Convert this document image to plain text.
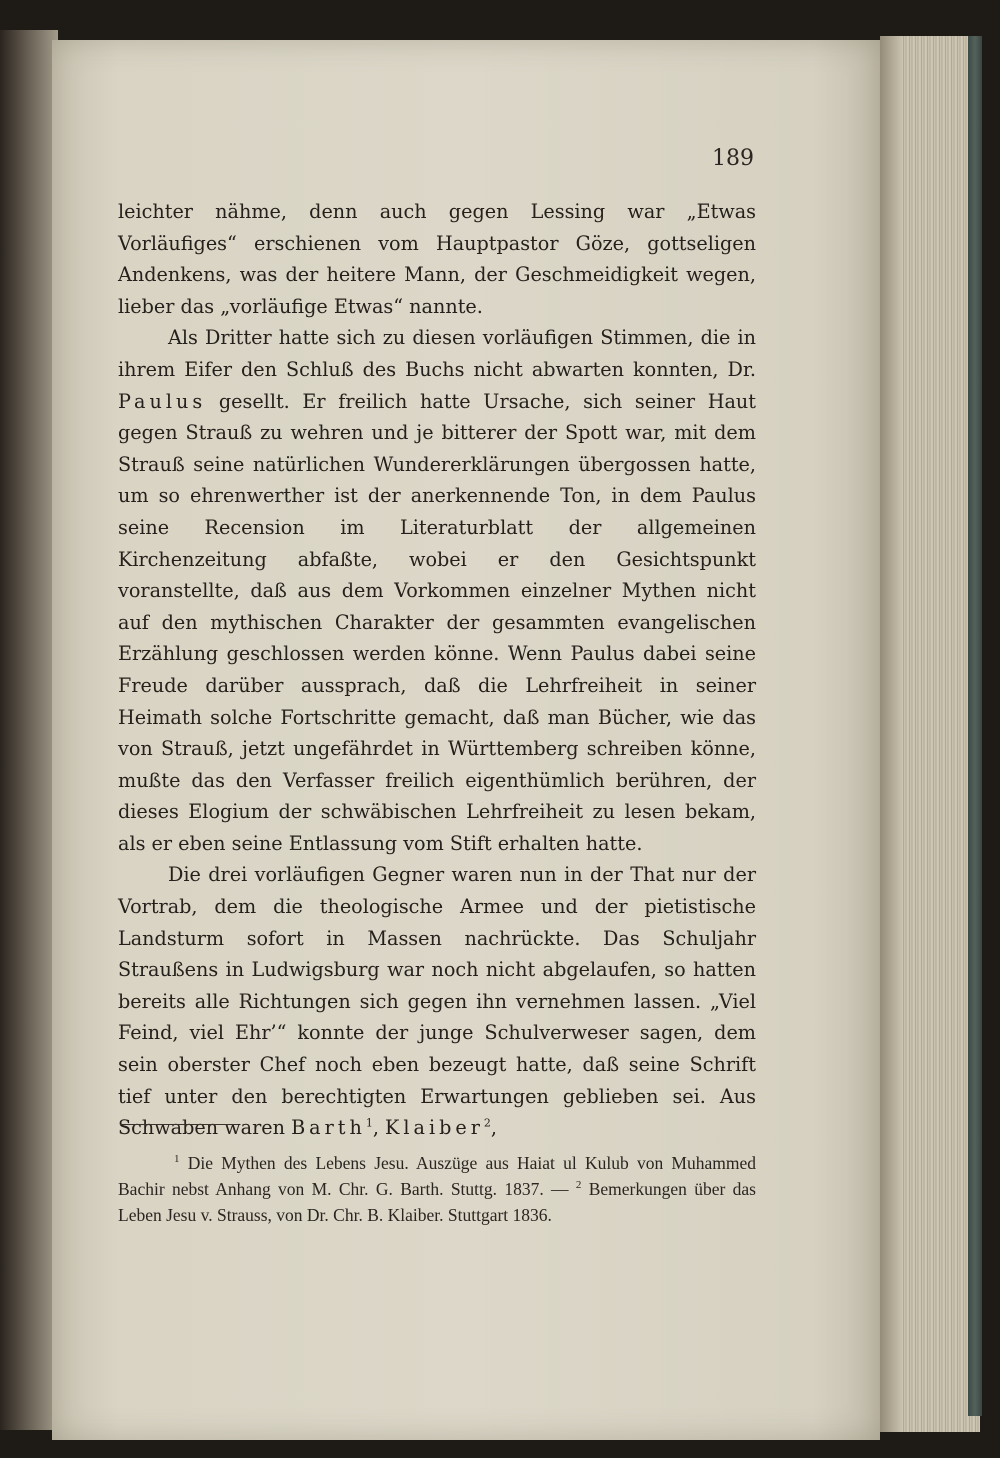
189

leichter nähme, denn auch gegen Lessing war „Etwas Vorläufiges“ erschienen vom Hauptpastor Göze, gottseligen Andenkens, was der heitere Mann, der Geschmeidigkeit wegen, lieber das „vorläufige Etwas“ nannte.

Als Dritter hatte sich zu diesen vorläufigen Stimmen, die in ihrem Eifer den Schluß des Buchs nicht abwarten konnten, Dr. Paulus gesellt. Er freilich hatte Ursache, sich seiner Haut gegen Strauß zu wehren und je bitterer der Spott war, mit dem Strauß seine natürlichen Wundererklärungen übergossen hatte, um so ehrenwerther ist der anerkennende Ton, in dem Paulus seine Recension im Literaturblatt der allgemeinen Kirchenzeitung abfaßte, wobei er den Gesichtspunkt voranstellte, daß aus dem Vorkommen einzelner Mythen nicht auf den mythischen Charakter der gesammten evangelischen Erzählung geschlossen werden könne. Wenn Paulus dabei seine Freude darüber aussprach, daß die Lehrfreiheit in seiner Heimath solche Fortschritte gemacht, daß man Bücher, wie das von Strauß, jetzt ungefährdet in Württemberg schreiben könne, mußte das den Verfasser freilich eigenthümlich berühren, der dieses Elogium der schwäbischen Lehrfreiheit zu lesen bekam, als er eben seine Entlassung vom Stift erhalten hatte.

Die drei vorläufigen Gegner waren nun in der That nur der Vortrab, dem die theologische Armee und der pietistische Landsturm sofort in Massen nachrückte. Das Schuljahr Straußens in Ludwigsburg war noch nicht abgelaufen, so hatten bereits alle Richtungen sich gegen ihn vernehmen lassen. „Viel Feind, viel Ehr’“ konnte der junge Schulverweser sagen, dem sein oberster Chef noch eben bezeugt hatte, daß seine Schrift tief unter den berechtigten Erwartungen geblieben sei. Aus Schwaben waren Barth$^1$, Klaiber$^2$,

$^1$ Die Mythen des Lebens Jesu. Auszüge aus Haiat ul Kulub von Muhammed Bachir nebst Anhang von M. Chr. G. Barth. Stuttg. 1837. — $^2$ Bemerkungen über das Leben Jesu v. Strauss, von Dr. Chr. B. Klaiber. Stuttgart 1836.
